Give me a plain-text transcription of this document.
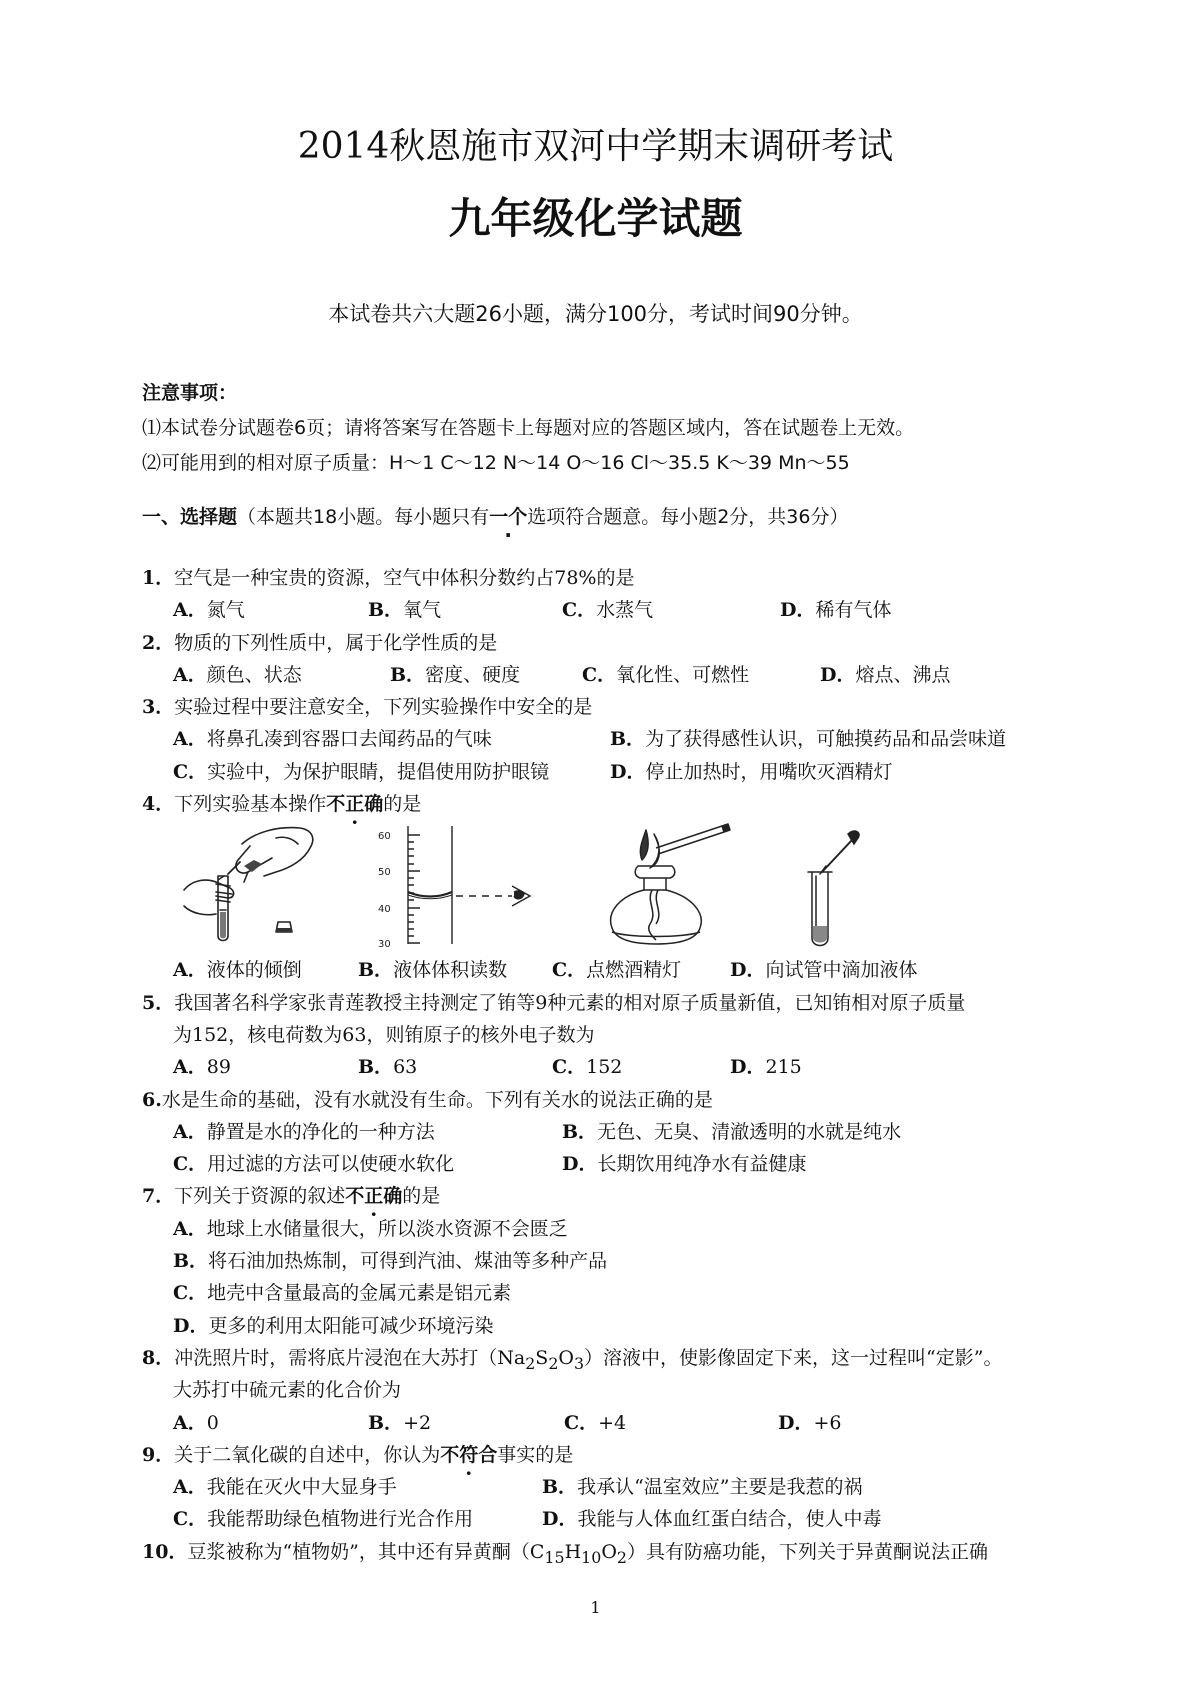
2014秋恩施市双河中学期末调研考试
九年级化学试题
本试卷共六大题26小题，满分100分，考试时间90分钟。
注意事项：
⑴本试卷分试题卷6页；请将答案写在答题卡上每题对应的答题区域内，答在试题卷上无效。
⑵可能用到的相对原子质量：H～1 C～12 N～14 O～16 Cl～35.5 K～39 Mn～55
一、选择题（本题共18小题。每小题只有一个选项符合题意。每小题2分，共36分）
1．空气是一种宝贵的资源，空气中体积分数约占78%的是
A．氮气	B．氧气	C．水蒸气	D．稀有气体
2．物质的下列性质中，属于化学性质的是
A．颜色、状态	B．密度、硬度	C．氧化性、可燃性	D．熔点、沸点
3．实验过程中要注意安全，下列实验操作中安全的是
A．将鼻孔凑到容器口去闻药品的气味	B．为了获得感性认识，可触摸药品和品尝味道
C．实验中，为保护眼睛，提倡使用防护眼镜	D．停止加热时，用嘴吹灭酒精灯
4．下列实验基本操作不正确的是
60
50
40
30
A．液体的倾倒	B．液体体积读数 C．点燃酒精灯	D．向试管中滴加液体
5．我国著名科学家张青莲教授主持测定了铕等9种元素的相对原子质量新值，已知铕相对原子质量
为152，核电荷数为63，则铕原子的核外电子数为
A．89	B．63	C．152	D．215
6.水是生命的基础，没有水就没有生命。下列有关水的说法正确的是
A．静置是水的净化的一种方法	B．无色、无臭、清澈透明的水就是纯水
C．用过滤的方法可以使硬水软化	D．长期饮用纯净水有益健康
7．下列关于资源的叙述不正确的是
A．地球上水储量很大，所以淡水资源不会匮乏
B．将石油加热炼制，可得到汽油、煤油等多种产品
C．地壳中含量最高的金属元素是铝元素
D．更多的利用太阳能可减少环境污染
8．冲洗照片时，需将底片浸泡在大苏打$(Na_2S_2O_3)$溶液中，使影像固定下来，这一过程叫“定影”。
大苏打中硫元素的化合价为
A．0	B．+2	C．+4	D．+6
9．关于二氧化碳的自述中，你认为不符合事实的是
A．我能在灭火中大显身手	B．我承认“温室效应”主要是我惹的祸
C．我能帮助绿色植物进行光合作用	D．我能与人体血红蛋白结合，使人中毒
10．豆浆被称为“植物奶”，其中还有异黄酮$(C_{15}H_{10}O_2)$具有防癌功能，下列关于异黄酮说法正确
1
